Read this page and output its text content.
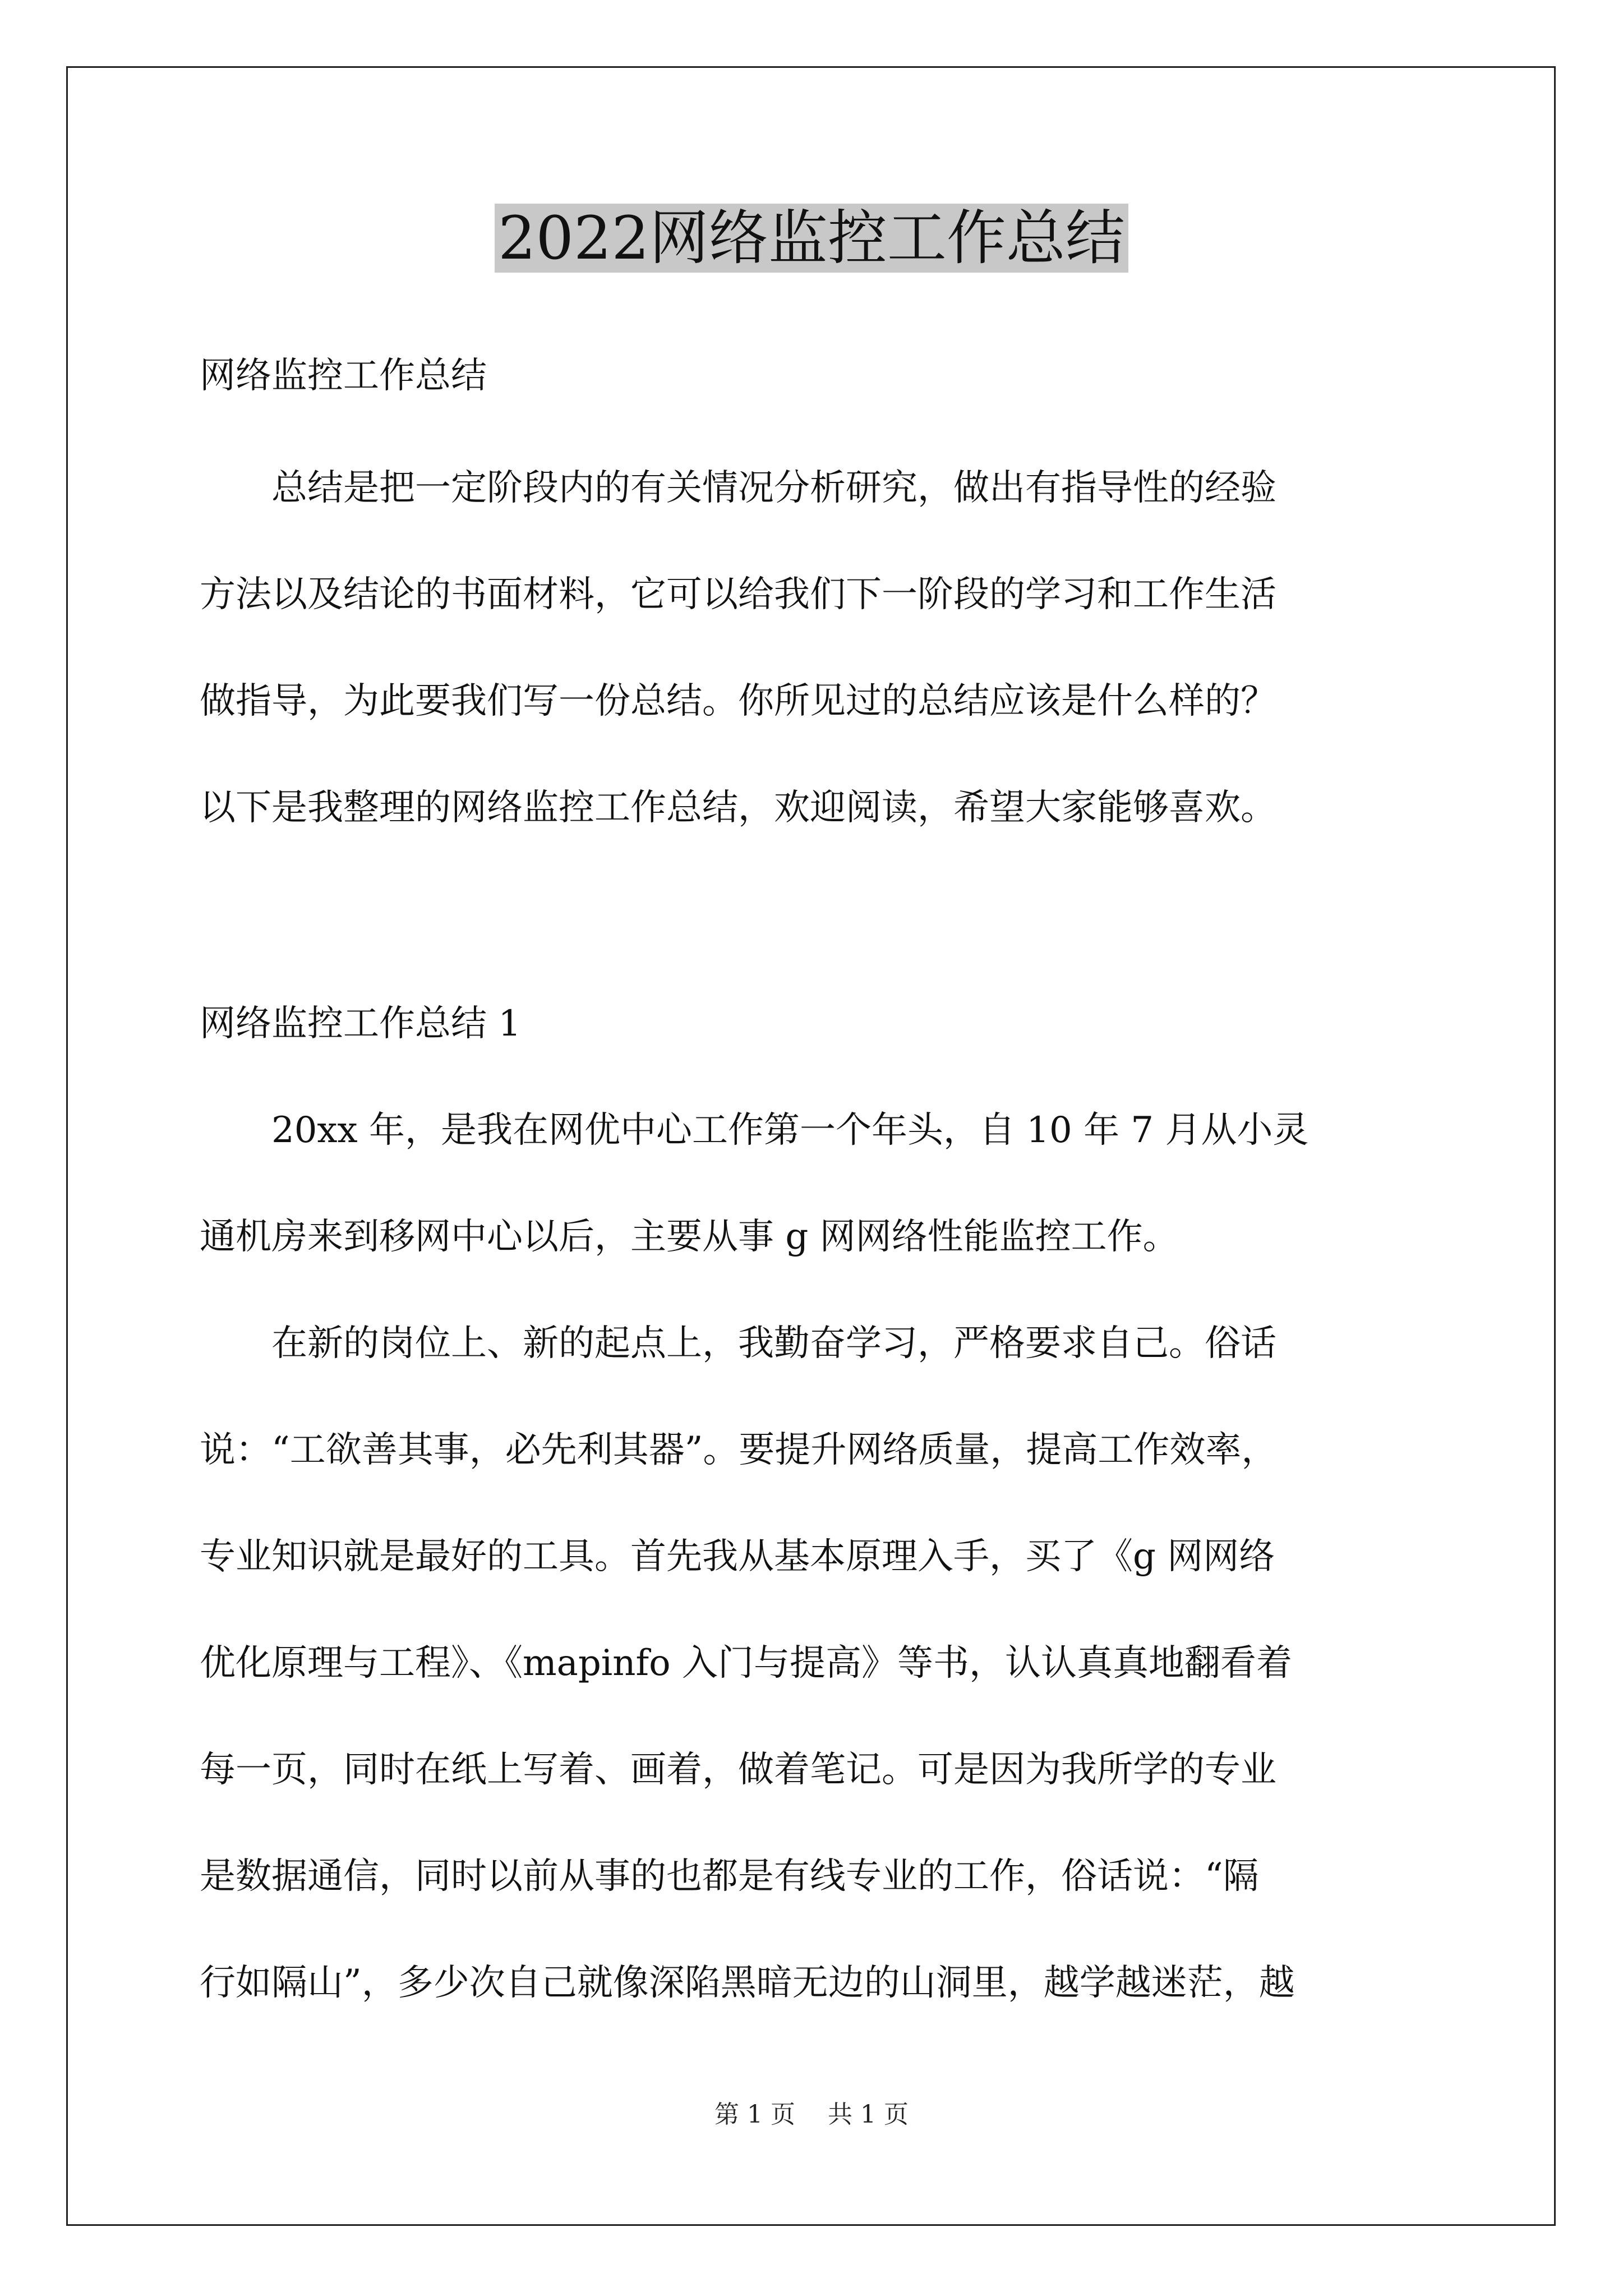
2022网络监控工作总结
网络监控工作总结
　　总结是把一定阶段内的有关情况分析研究，做出有指导性的经验
方法以及结论的书面材料，它可以给我们下一阶段的学习和工作生活
做指导，为此要我们写一份总结。你所见过的总结应该是什么样的？
以下是我整理的网络监控工作总结，欢迎阅读，希望大家能够喜欢。
网络监控工作总结 1
　　20xx 年，是我在网优中心工作第一个年头，自 10 年 7 月从小灵
通机房来到移网中心以后，主要从事 g 网网络性能监控工作。
　　在新的岗位上、新的起点上，我勤奋学习，严格要求自己。俗话
说：“工欲善其事，必先利其器”。要提升网络质量，提高工作效率，
专业知识就是最好的工具。首先我从基本原理入手，买了《g 网网络
优化原理与工程》、《mapinfo 入门与提高》等书，认认真真地翻看着
每一页，同时在纸上写着、画着，做着笔记。可是因为我所学的专业
是数据通信，同时以前从事的也都是有线专业的工作，俗话说：“隔
行如隔山”，多少次自己就像深陷黑暗无边的山洞里，越学越迷茫，越
第 1 页 共 1 页
